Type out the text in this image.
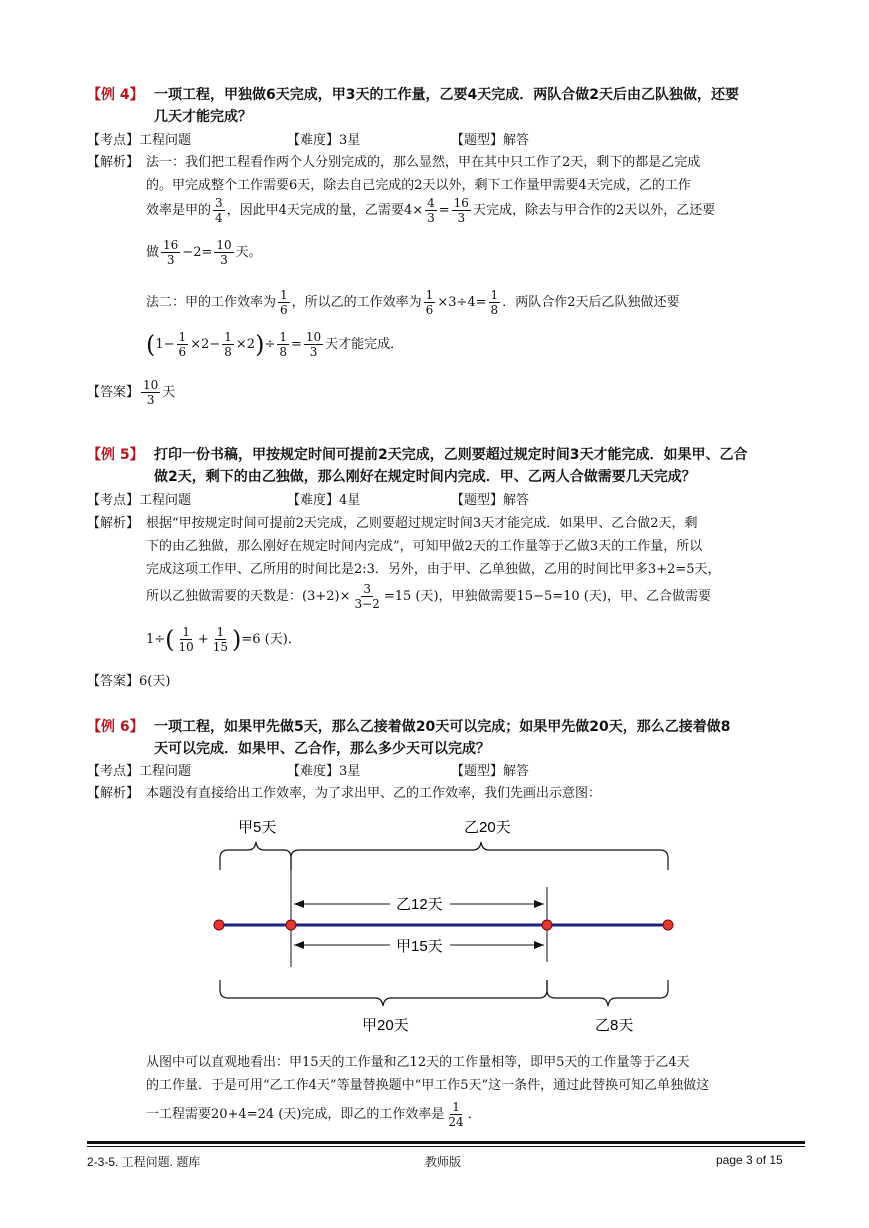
【例 4】 一项工程，甲独做6天完成，甲3天的工作量，乙要4天完成．两队合做2天后由乙队独做，还要
几天才能完成？
【考点】工程问题	【难度】3星	【题型】解答
【解析】 法一：我们把工程看作两个人分别完成的，那么显然，甲在其中只工作了2天，剩下的都是乙完成
的。甲完成整个工作需要6天，除去自己完成的2天以外，剩下工作量甲需要4天完成，乙的工作
效率是甲的 $\frac{3}{4}$ ，因此甲4天完成的量，乙需要$4\times \frac{4}{3} = \frac{16}{3}$ 天完成，除去与甲合作的2天以外，乙还要
做 $\frac{16}{3} -2= \frac{10}{3}$ 天。
法二：甲的工作效率为 $\frac{1}{6}$ ，所以乙的工作效率为 $\frac{1}{6} \times 3\div 4= \frac{1}{8}$ ．两队合作2天后乙队独做还要
$(1- \frac{1}{6} \times 2- \frac{1}{8} \times 2)\div \frac{1}{8} = \frac{10}{3}$ 天才能完成．
【答案】 $\frac{10}{3}$ 天
【例 5】 打印一份书稿，甲按规定时间可提前2天完成，乙则要超过规定时间3天才能完成．如果甲、乙合
做2天，剩下的由乙独做，那么刚好在规定时间内完成．甲、乙两人合做需要几天完成？
【考点】工程问题	【难度】4星	【题型】解答
【解析】 根据“甲按规定时间可提前2天完成，乙则要超过规定时间3天才能完成．如果甲、乙合做2天，剩
下的由乙独做，那么刚好在规定时间内完成”，可知甲做2天的工作量等于乙做3天的工作量，所以
完成这项工作甲、乙所用的时间比是2:3．另外，由于甲、乙单独做，乙用的时间比甲多3+2=5天，
所以乙独做需要的天数是：$(3+2)\times \frac{3}{3-2} =15$ (天)，甲独做需要15−5=10 (天)，甲、乙合做需要
$1\div( \frac{1}{10} + \frac{1}{15} )=6$ (天)．
【答案】6(天)
【例 6】 一项工程，如果甲先做5天，那么乙接着做20天可以完成；如果甲先做20天，那么乙接着做8
天可以完成．如果甲、乙合作，那么多少天可以完成？
【考点】工程问题	【难度】3星	【题型】解答
【解析】 本题没有直接给出工作效率，为了求出甲、乙的工作效率，我们先画出示意图：
甲5天	乙20天
乙12天
甲15天
甲20天	乙8天
从图中可以直观地看出：甲15天的工作量和乙12天的工作量相等，即甲5天的工作量等于乙4天
的工作量．于是可用“乙工作4天”等量替换题中“甲工作5天”这一条件，通过此替换可知乙单独做这
一工程需要20+4=24 (天)完成，即乙的工作效率是 $\frac{1}{24}$ ．
2-3-5. 工程问题. 题库	教师版	page 3 of 15
